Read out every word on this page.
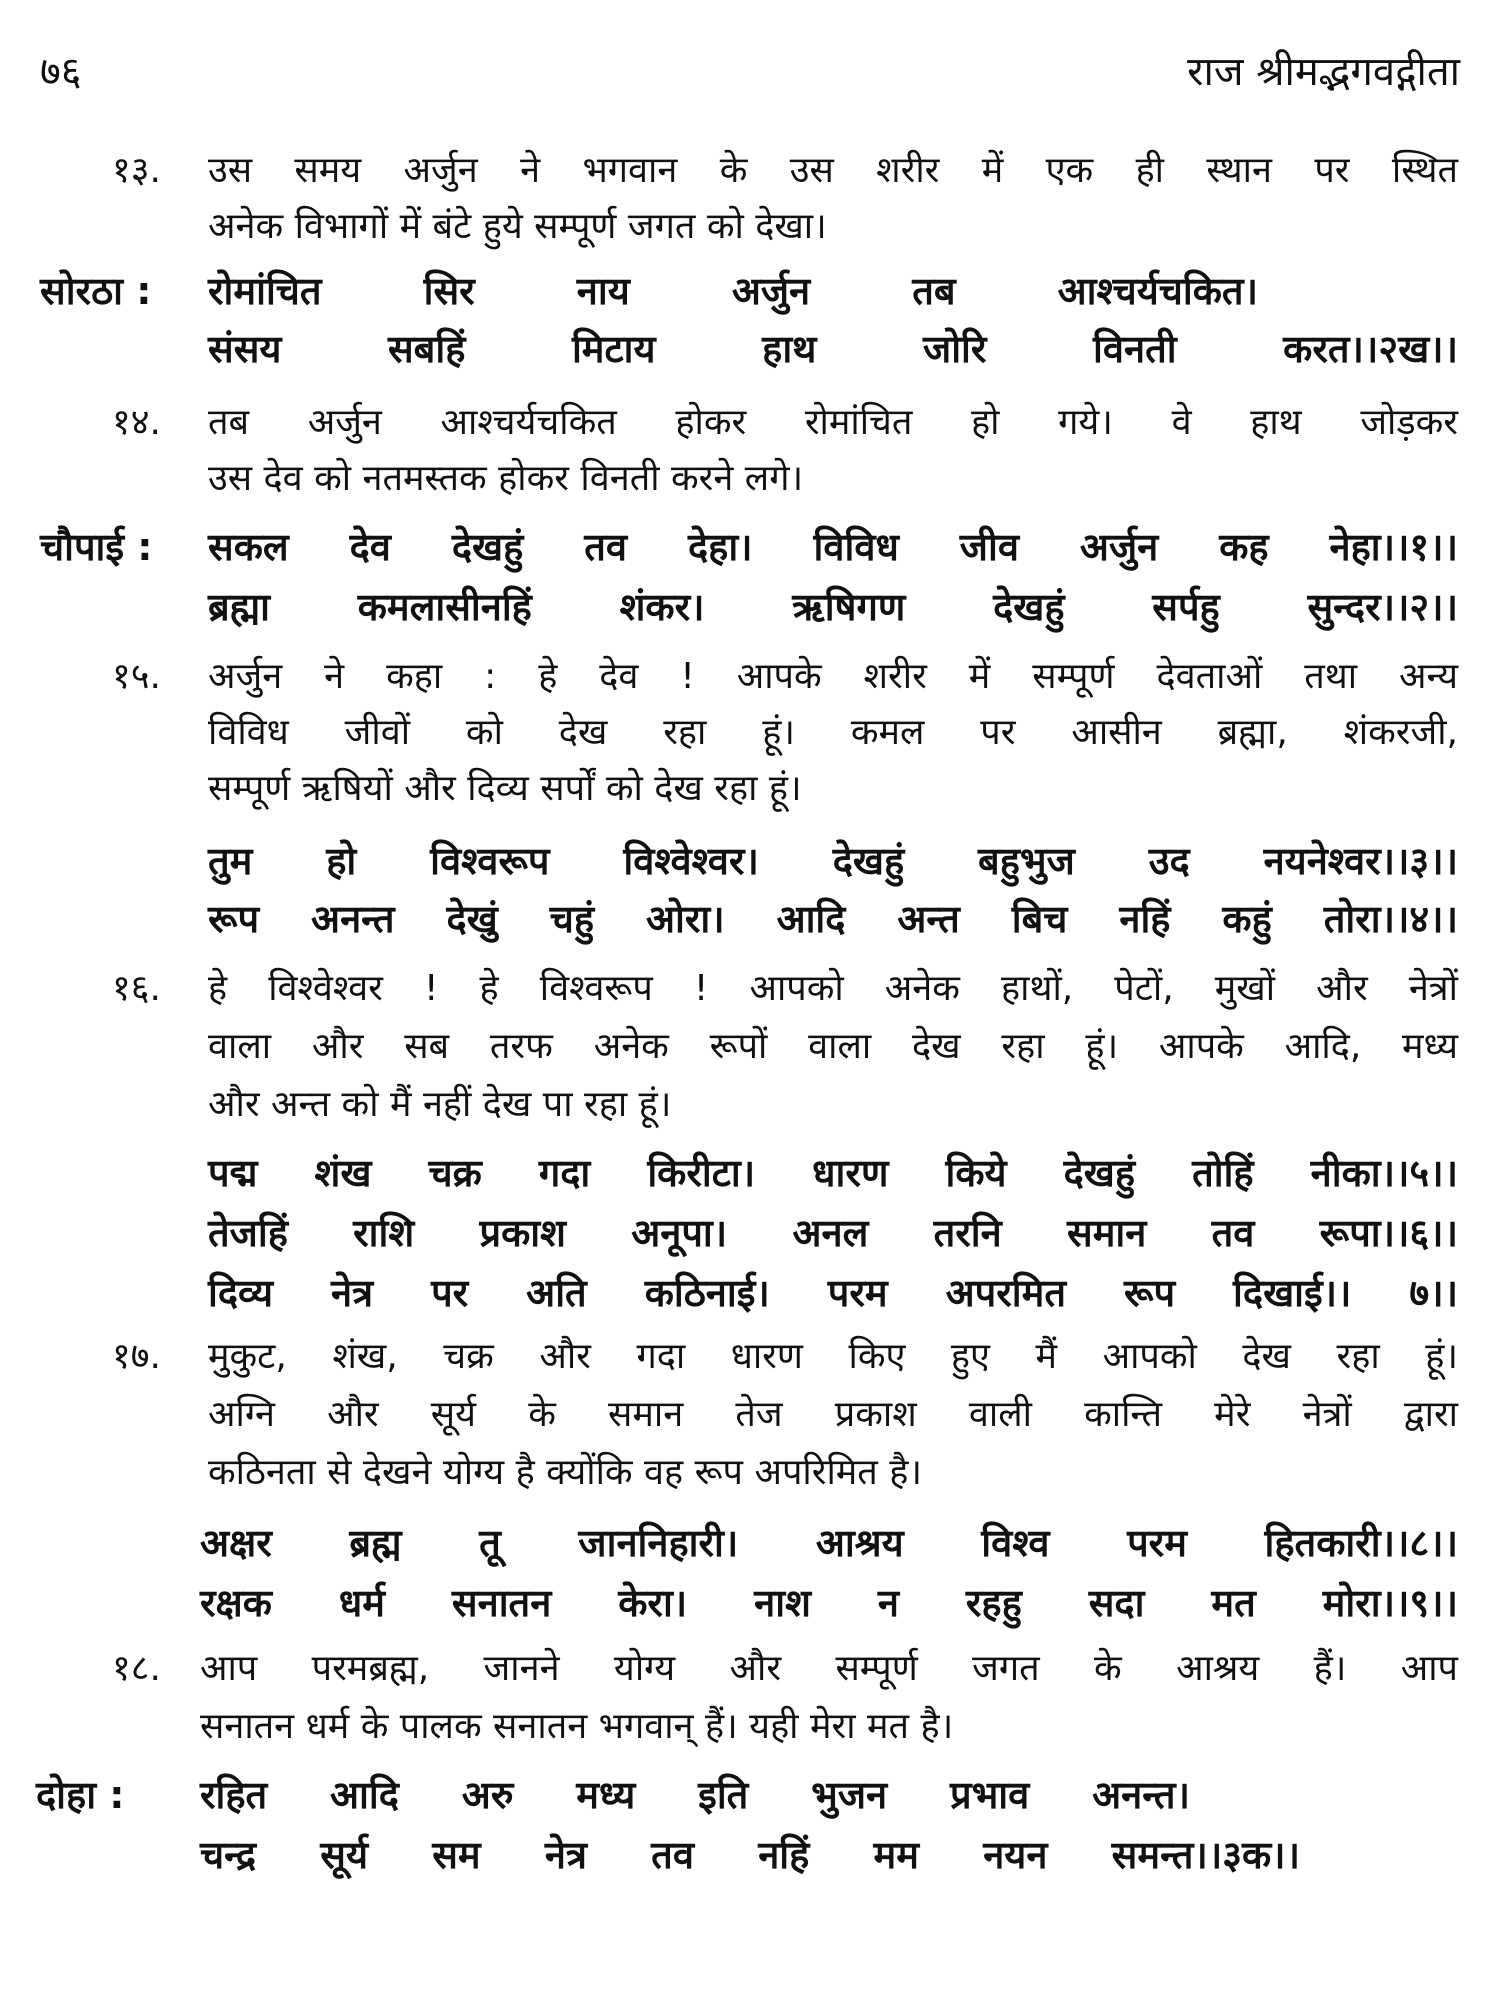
७६	राज श्रीमद्भगवद्गीता
१३. उस समय अर्जुन ने भगवान के उस शरीर में एक ही स्थान पर स्थित
अनेक विभागों में बंटे हुये सम्पूर्ण जगत को देखा।
सोरठा : रोमांचित सिर नाय अर्जुन तब आश्चर्यचकित।
संसय सबहिं मिटाय हाथ जोरि विनती करत।।२ख।।
१४. तब अर्जुन आश्चर्यचकित होकर रोमांचित हो गये। वे हाथ जोड़कर
उस देव को नतमस्तक होकर विनती करने लगे।
चौपाई : सकल देव देखहुं तव देहा। विविध जीव अर्जुन कह नेहा।।१।।
ब्रह्मा कमलासीनहिं शंकर। ऋषिगण देखहुं सर्पहु सुन्दर।।२।।
१५. अर्जुन ने कहा : हे देव ! आपके शरीर में सम्पूर्ण देवताओं तथा अन्य
विविध जीवों को देख रहा हूं। कमल पर आसीन ब्रह्मा, शंकरजी,
सम्पूर्ण ऋषियों और दिव्य सर्पों को देख रहा हूं।
तुम हो विश्वरूप विश्वेश्वर। देखहुं बहुभुज उद नयनेश्वर।।३।।
रूप अनन्त देखुं चहुं ओरा। आदि अन्त बिच नहिं कहुं तोरा।।४।।
१६. हे विश्वेश्वर ! हे विश्वरूप ! आपको अनेक हाथों, पेटों, मुखों और नेत्रों
वाला और सब तरफ अनेक रूपों वाला देख रहा हूं। आपके आदि, मध्य
और अन्त को मैं नहीं देख पा रहा हूं।
पद्म शंख चक्र गदा किरीटा। धारण किये देखहुं तोहिं नीका।।५।।
तेजहिं राशि प्रकाश अनूपा। अनल तरनि समान तव रूपा।।६।।
दिव्य नेत्र पर अति कठिनाई। परम अपरमित रूप दिखाई।। ७।।
१७. मुकुट, शंख, चक्र और गदा धारण किए हुए मैं आपको देख रहा हूं।
अग्नि और सूर्य के समान तेज प्रकाश वाली कान्ति मेरे नेत्रों द्वारा
कठिनता से देखने योग्य है क्योंकि वह रूप अपरिमित है।
अक्षर ब्रह्म तू जाननिहारी। आश्रय विश्व परम हितकारी।।८।।
रक्षक धर्म सनातन केरा। नाश न रहहु सदा मत मोरा।।९।।
१८. आप परमब्रह्म, जानने योग्य और सम्पूर्ण जगत के आश्रय हैं। आप
सनातन धर्म के पालक सनातन भगवान् हैं। यही मेरा मत है।
दोहा : रहित आदि अरु मध्य इति भुजन प्रभाव अनन्त।
चन्द्र सूर्य सम नेत्र तव नहिं मम नयन समन्त।।३क।।
